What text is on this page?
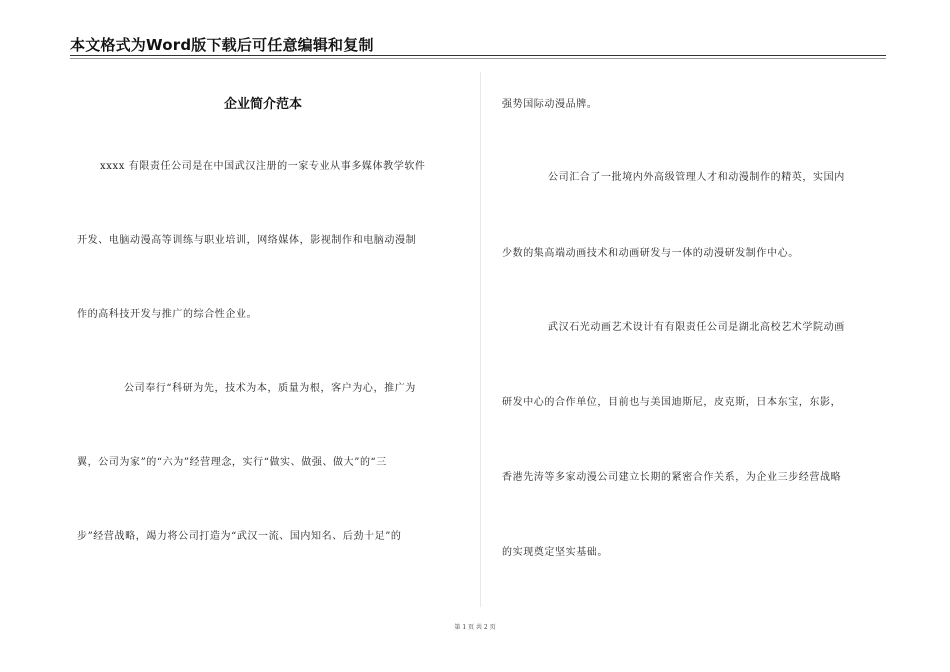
本文格式为Word版下载后可任意编辑和复制
企业简介范本
xxxx 有限责任公司是在中国武汉注册的一家专业从事多媒体教学软件
开发、电脑动漫高等训练与职业培训，网络媒体，影视制作和电脑动漫制
作的高科技开发与推广的综合性企业。
公司奉行“科研为先，技术为本，质量为根，客户为心，推广为
翼，公司为家”的“六为”经营理念，实行“做实、做强、做大”的“三
步”经营战略，竭力将公司打造为“武汉一流、国内知名、后劲十足”的
强势国际动漫品牌。
公司汇合了一批境内外高级管理人才和动漫制作的精英，实国内
少数的集高端动画技术和动画研发与一体的动漫研发制作中心。
武汉石光动画艺术设计有有限责任公司是湖北高校艺术学院动画
研发中心的合作单位，目前也与美国迪斯尼，皮克斯，日本东宝，东影，
香港先涛等多家动漫公司建立长期的紧密合作关系，为企业三步经营战略
的实现奠定坚实基础。
第 1 页 共 2 页
